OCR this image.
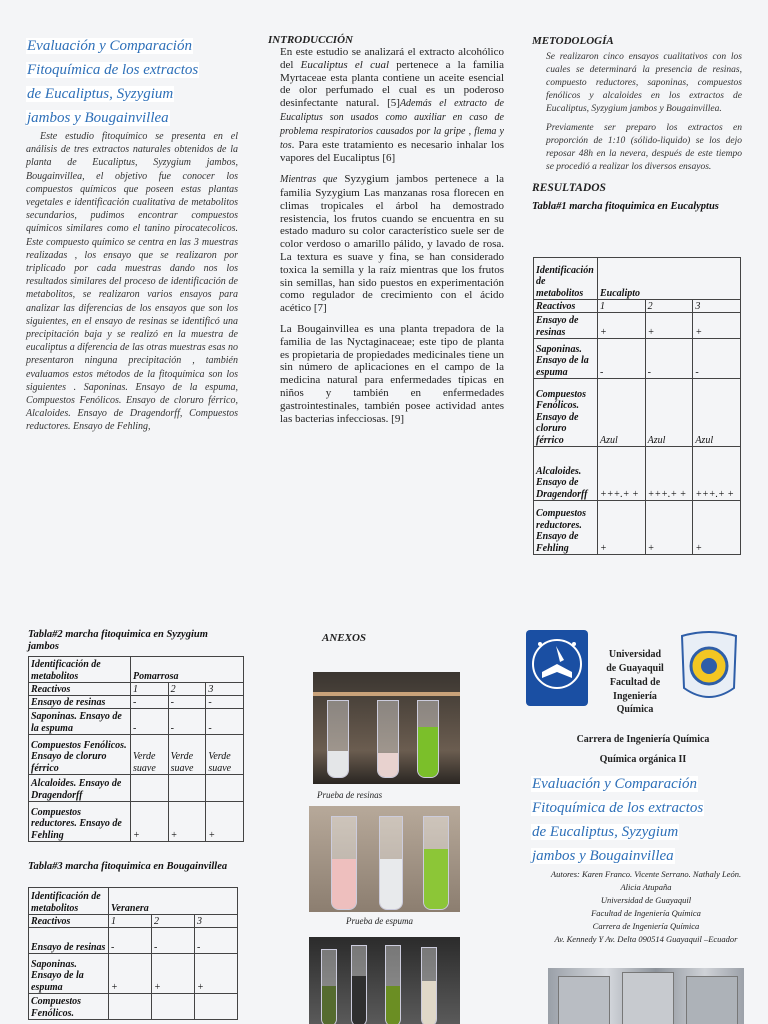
Evaluación y Comparación
Fitoquímica de los extractos
de Eucaliptus, Syzygium
jambos y Bougainvillea
Este estudio fitoquímico se presenta en el análisis de tres extractos naturales obtenidos de la planta de Eucaliptus, Syzygium jambos, Bougainvillea, el objetivo fue conocer los compuestos químicos que poseen estas plantas vegetales e identificación cualitativa de metabolitos secundarios, pudimos encontrar compuestos químicos similares como el tanino pirocatecolicos. Este compuesto químico se centra en las 3 muestras realizadas , los ensayo que se realizaron por triplicado por cada muestras dando nos los resultados similares del proceso de identificación de metabolitos, se realizaron varios ensayos para analizar las diferencias de los ensayos que son los siguientes, en el ensayo de resinas se identificó una precipitación baja y se realizó en la muestra de eucaliptus a diferencia de las otras muestras esas no presentaron ninguna precipitación , también evaluamos estos métodos de la fitoquímica son los siguientes . Saponinas. Ensayo de la espuma, Compuestos Fenólicos. Ensayo de cloruro férrico, Alcaloides. Ensayo de Dragendorff, Compuestos reductores. Ensayo de Fehling,
INTRODUCCIÓN
En este estudio se analizará el extracto alcohólico del Eucaliptus el cual pertenece a la familia Myrtaceae esta planta contiene un aceite esencial de olor perfumado el cual es un poderoso desinfectante natural. [5]Además el extracto de Eucaliptus son usados como auxiliar en caso de problema respiratorios causados por la gripe , flema y tos. Para este tratamiento es necesario inhalar los vapores del Eucaliptus [6]
Mientras que Syzygium jambos pertenece a la familia Syzygium Las manzanas rosa florecen en climas tropicales el árbol ha demostrado resistencia, los frutos cuando se encuentra en su estado maduro su color característico suele ser de color verdoso o amarillo pálido, y lavado de rosa. La textura es suave y fina, se han considerado toxica la semilla y la raíz mientras que los frutos sin semillas, han sido puestos en experimentación como regulador de crecimiento con el ácido acético [7]
La Bougainvillea es una planta trepadora de la familia de las Nyctaginaceae; este tipo de planta es propietaria de propiedades medicinales tiene un sin número de aplicaciones en el campo de la medicina natural para enfermedades típicas en niños y también en enfermedades gastrointestinales, también posee actividad antes las bacterias infecciosas. [9]
METODOLOGÍA
Se realizaron cinco ensayos cualitativos con los cuales se determinará la presencia de resinas, compuesto reductores, saponinas, compuestos fenólicos y alcaloides en los extractos de Eucaliptus, Syzygium jambos y Bougainvillea.
Previamente ser preparo los extractos en proporción de 1:10 (sólido-liquido) se los dejo reposar 48h en la nevera, después de este tiempo se procedió a realizar los diversos ensayos.
RESULTADOS
Tabla#1 marcha fitoquimica en Eucalyptus
Identificación de metabolitos	Eucalipto		
Reactivos	1	2	3
Ensayo de resinas	+	+	+
Saponinas. Ensayo de la espuma	-	-	-
Compuestos Fenólicos. Ensayo de cloruro férrico	Azul	Azul	Azul
Alcaloides. Ensayo de Dragendorff	+++.+ +	+++.+ +	+++.+ +
Compuestos reductores. Ensayo de Fehling	+	+	+
Tabla#2 marcha fitoquimica en Syzygium jambos
Identificación de metabolitos	Pomarrosa		
Reactivos	1	2	3
Ensayo de resinas	-	-	-
Saponinas. Ensayo de la espuma	-	-	-
Compuestos Fenólicos. Ensayo de cloruro férrico	Verde suave	Verde suave	Verde suave
Alcaloides. Ensayo de Dragendorff			
Compuestos reductores. Ensayo de Fehling	+	+	+
Tabla#3 marcha fitoquimica en Bougainvillea
Identificación de metabolitos	Veranera		
Reactivos	1	2	3
Ensayo de resinas	-	-	-
Saponinas. Ensayo de la espuma	+	+	+
Compuestos Fenólicos.			
ANEXOS
Prueba de resinas
Prueba de espuma
Universidad
de Guayaquil
Facultad de
Ingeniería
Química
Carrera de Ingeniería Química
Química orgánica II
Evaluación y Comparación
Fitoquímica de los extractos
de Eucaliptus, Syzygium
jambos y Bougainvillea
Autores: Karen Franco. Vicente Serrano. Nathaly León.
Alicia Atupaña
Universidad de Guayaquil
Facultad de Ingeniería Química
Carrera de Ingeniería Química
Av. Kennedy Y Av. Delta 090514 Guayaquil –Ecuador
